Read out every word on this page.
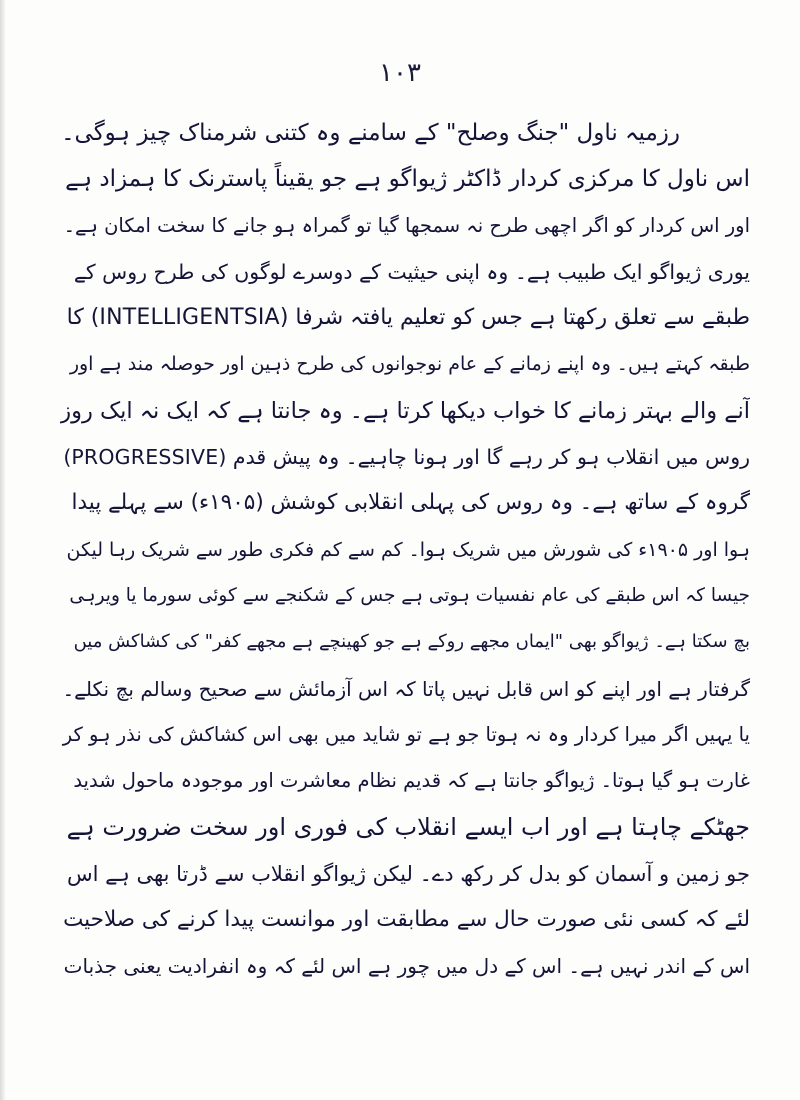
۱۰۳
رزمیہ ناول "جنگ وصلح" کے سامنے وہ کتنی شرمناک چیز ہوگی۔
اس ناول کا مرکزی کردار ڈاکٹر ژیواگو ہے جو یقیناً پاسترنک کا ہمزاد ہے
اور اس کردار کو اگر اچھی طرح نہ سمجھا گیا تو گمراہ ہو جانے کا سخت امکان ہے۔
یوری ژیواگو ایک طبیب ہے۔ وہ اپنی حیثیت کے دوسرے لوگوں کی طرح روس کے
طبقے سے تعلق رکھتا ہے جس کو تعلیم یافتہ شرفا (INTELLIGENTSIA) کا
طبقہ کہتے ہیں۔ وہ اپنے زمانے کے عام نوجوانوں کی طرح ذہین اور حوصلہ مند ہے اور
آنے والے بہتر زمانے کا خواب دیکھا کرتا ہے۔ وہ جانتا ہے کہ ایک نہ ایک روز
روس میں انقلاب ہو کر رہے گا اور ہونا چاہیے۔ وہ پیش قدم (PROGRESSIVE)
گروہ کے ساتھ ہے۔ وہ روس کی پہلی انقلابی کوشش (۱۹۰۵ء) سے پہلے پیدا
ہوا اور ۱۹۰۵ء کی شورش میں شریک ہوا۔ کم سے کم فکری طور سے شریک رہا لیکن
جیسا کہ اس طبقے کی عام نفسیات ہوتی ہے جس کے شکنجے سے کوئی سورما یا ویرہی
بچ سکتا ہے۔ ژیواگو بھی "ایماں مجھے روکے ہے جو کھینچے ہے مجھے کفر" کی کشاکش میں
گرفتار ہے اور اپنے کو اس قابل نہیں پاتا کہ اس آزمائش سے صحیح وسالم بچ نکلے۔
یا یہیں اگر میرا کردار وہ نہ ہوتا جو ہے تو شاید میں بھی اس کشاکش کی نذر ہو کر
غارت ہو گیا ہوتا۔ ژیواگو جانتا ہے کہ قدیم نظام معاشرت اور موجودہ ماحول شدید
جھٹکے چاہتا ہے اور اب ایسے انقلاب کی فوری اور سخت ضرورت ہے
جو زمین و آسمان کو بدل کر رکھ دے۔ لیکن ژیواگو انقلاب سے ڈرتا بھی ہے اس
لئے کہ کسی نئی صورت حال سے مطابقت اور موانست پیدا کرنے کی صلاحیت
اس کے اندر نہیں ہے۔ اس کے دل میں چور ہے اس لئے کہ وہ انفرادیت یعنی جذبات
